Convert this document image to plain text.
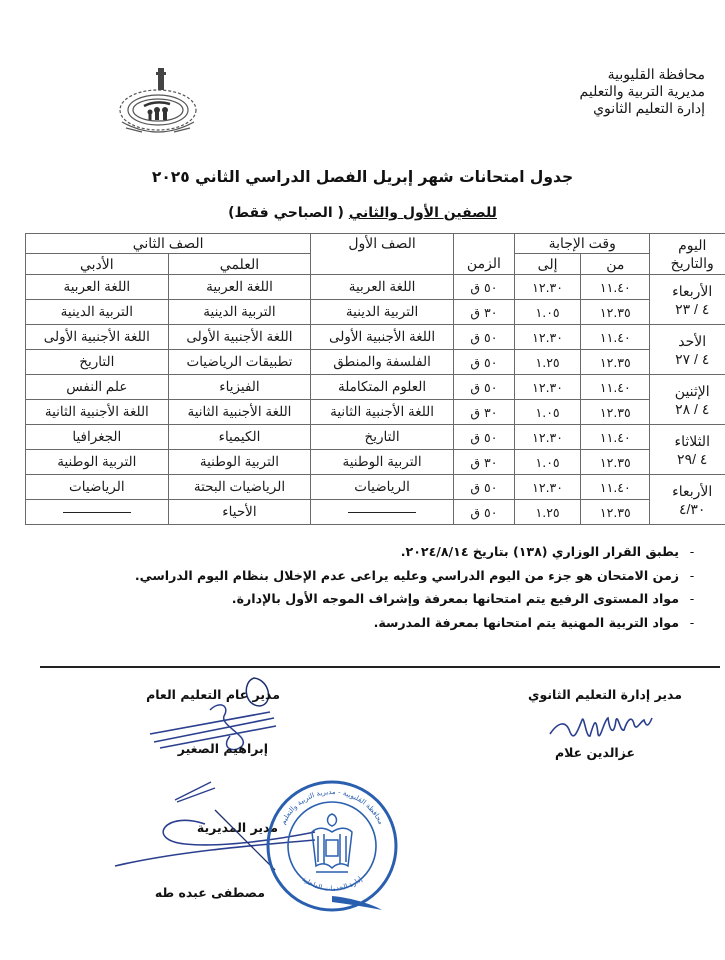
محافظة القليوبية
مديرية التربية والتعليم
إدارة التعليم الثانوي
جدول امتحانات شهر إبريل الفصل الدراسي الثاني ٢٠٢٥
للصفين الأول والثاني ( الصباحي فقط)
اليوم
والتاريخ	وقت الإجابة		الزمن	الصف الأول	الصف الثاني	
	من	إلى			العلمي	الأدبي

الأربعاء
٤ / ٢٣	١١.٤٠	١٢.٣٠	٥٠ ق	اللغة العربية	اللغة العربية	اللغة العربية
	١٢.٣٥	١.٠٥	٣٠ ق	التربية الدينية	التربية الدينية	التربية الدينية

الأحد
٤ / ٢٧	١١.٤٠	١٢.٣٠	٥٠ ق	اللغة الأجنبية الأولى	اللغة الأجنبية الأولى	اللغة الأجنبية الأولى
	١٢.٣٥	١.٢٥	٥٠ ق	الفلسفة والمنطق	تطبيقات الرياضيات	التاريخ

الإثنين
٤ / ٢٨	١١.٤٠	١٢.٣٠	٥٠ ق	العلوم المتكاملة	الفيزياء	علم النفس
	١٢.٣٥	١.٠٥	٣٠ ق	اللغة الأجنبية الثانية	اللغة الأجنبية الثانية	اللغة الأجنبية الثانية

الثلاثاء
٤ /٢٩	١١.٤٠	١٢.٣٠	٥٠ ق	التاريخ	الكيمياء	الجغرافيا
	١٢.٣٥	١.٠٥	٣٠ ق	التربية الوطنية	التربية الوطنية	التربية الوطنية

الأربعاء
٤/٣٠	١١.٤٠	١٢.٣٠	٥٠ ق	الرياضيات	الرياضيات البحتة	الرياضيات
	١٢.٣٥	١.٢٥	٥٠ ق		الأحياء	
-
يطبق القرار الوزاري (١٣٨) بتاريخ ٢٠٢٤/٨/١٤.
-
زمن الامتحان هو جزء من اليوم الدراسي وعليه يراعى عدم الإخلال بنظام اليوم الدراسي.
-
مواد المستوى الرفيع يتم امتحانها بمعرفة وإشراف الموجه الأول بالإدارة.
-
مواد التربية المهنية يتم امتحانها بمعرفة المدرسة.
مدير إدارة التعليم الثانوي
عزالدين علام
مدير عام التعليم العام
إبراهيم الصغير
مدير المديرية
مصطفى عبده طه
محافظة القليوبية - مديرية التربية والتعليم
إدارة الخدمات الداخلية
